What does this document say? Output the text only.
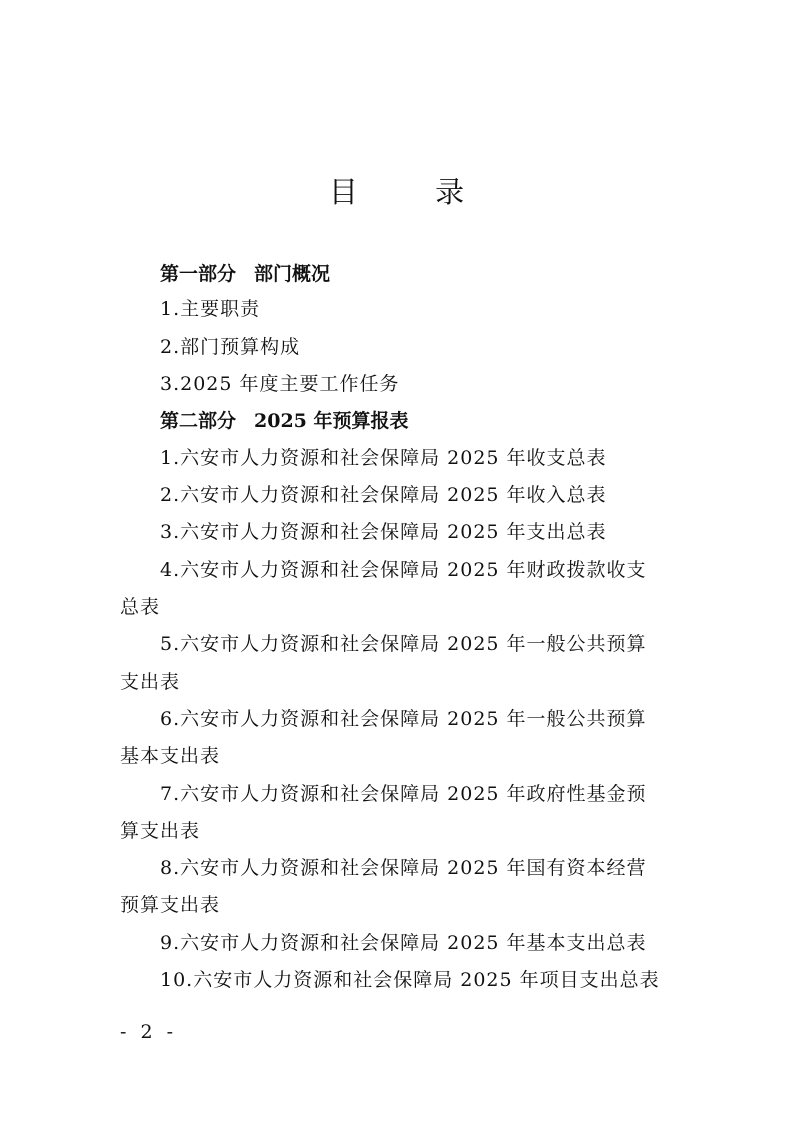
目 录
第一部分 部门概况
1.主要职责
2.部门预算构成
3.2025 年度主要工作任务
第二部分 2025 年预算报表
1.六安市人力资源和社会保障局 2025 年收支总表
2.六安市人力资源和社会保障局 2025 年收入总表
3.六安市人力资源和社会保障局 2025 年支出总表
4.六安市人力资源和社会保障局 2025 年财政拨款收支
总表
5.六安市人力资源和社会保障局 2025 年一般公共预算
支出表
6.六安市人力资源和社会保障局 2025 年一般公共预算
基本支出表
7.六安市人力资源和社会保障局 2025 年政府性基金预
算支出表
8.六安市人力资源和社会保障局 2025 年国有资本经营
预算支出表
9.六安市人力资源和社会保障局 2025 年基本支出总表
10.六安市人力资源和社会保障局 2025 年项目支出总表
- 2 -
